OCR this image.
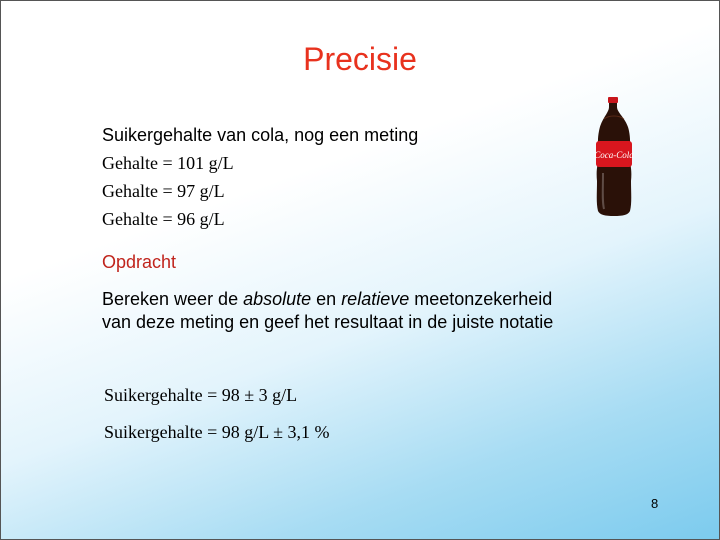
Precisie
Suikergehalte van cola, nog een meting
Gehalte = 101 g/L
Gehalte = 97 g/L
Gehalte = 96 g/L
Opdracht
Bereken weer de absolute en relatieve meetonzekerheid van deze meting en geef het resultaat in de juiste notatie
Suikergehalte = 98 ± 3 g/L
Suikergehalte = 98 g/L ± 3,1 %
Coca-Cola
8
